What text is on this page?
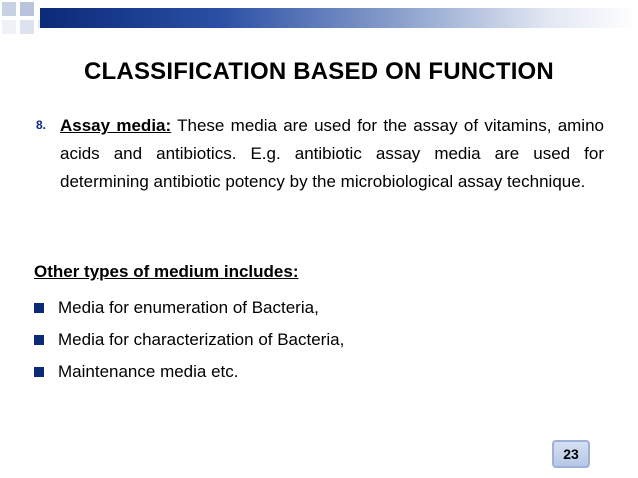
CLASSIFICATION BASED ON FUNCTION
8. Assay media: These media are used for the assay of vitamins, amino acids and antibiotics. E.g. antibiotic assay media are used for determining antibiotic potency by the microbiological assay technique.
Other types of medium includes:
Media for enumeration of Bacteria,
Media for characterization of Bacteria,
Maintenance media etc.
23
